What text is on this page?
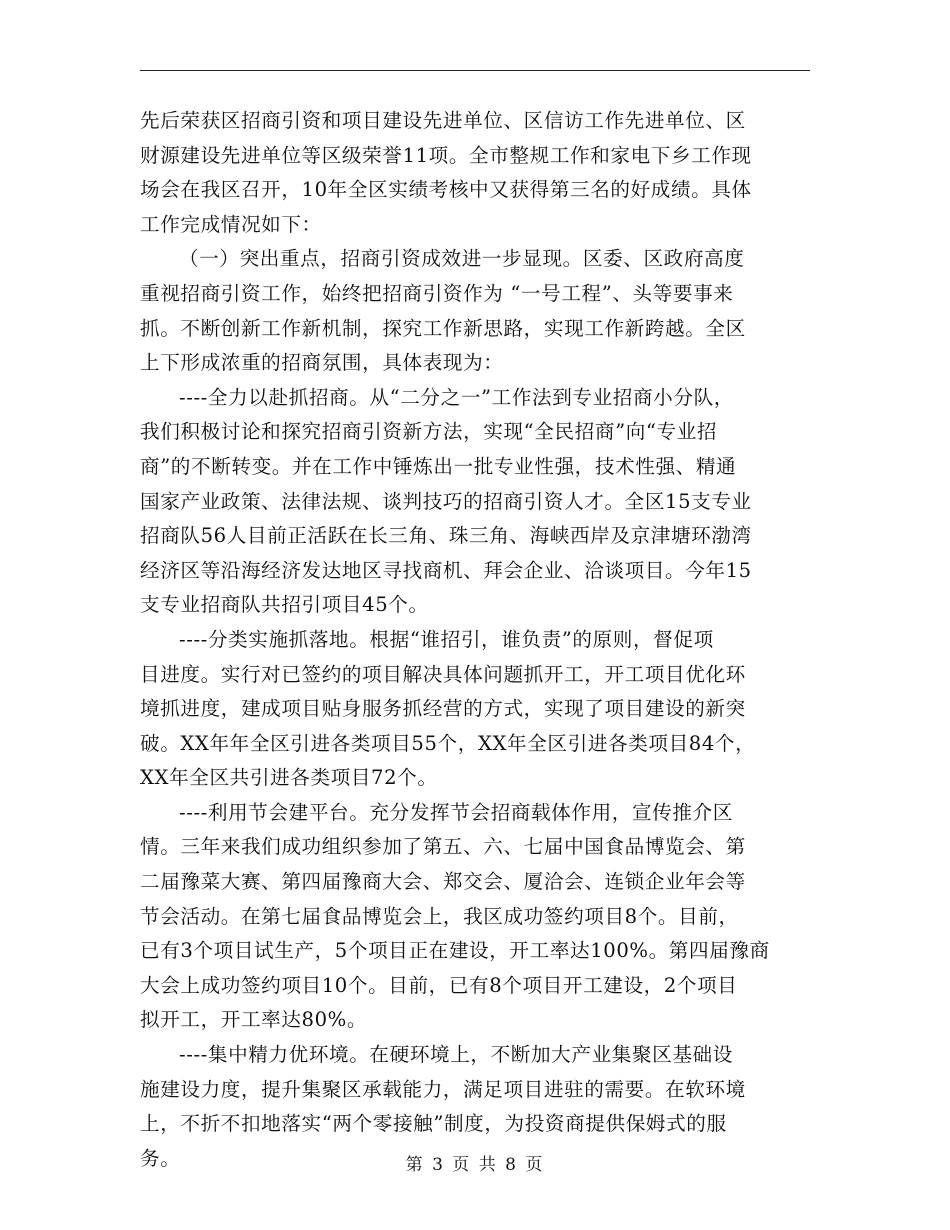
先后荣获区招商引资和项目建设先进单位、区信访工作先进单位、区
财源建设先进单位等区级荣誉11项。全市整规工作和家电下乡工作现
场会在我区召开，10年全区实绩考核中又获得第三名的好成绩。具体
工作完成情况如下：
（一）突出重点，招商引资成效进一步显现。区委、区政府高度
重视招商引资工作，始终把招商引资作为 “一号工程”、头等要事来
抓。不断创新工作新机制，探究工作新思路，实现工作新跨越。全区
上下形成浓重的招商氛围，具体表现为：
----全力以赴抓招商。从“二分之一”工作法到专业招商小分队，
我们积极讨论和探究招商引资新方法，实现“全民招商”向“专业招
商”的不断转变。并在工作中锤炼出一批专业性强，技术性强、精通
国家产业政策、法律法规、谈判技巧的招商引资人才。全区15支专业
招商队56人目前正活跃在长三角、珠三角、海峡西岸及京津塘环渤湾
经济区等沿海经济发达地区寻找商机、拜会企业、洽谈项目。今年15
支专业招商队共招引项目45个。
----分类实施抓落地。根据“谁招引，谁负责”的原则，督促项
目进度。实行对已签约的项目解决具体问题抓开工，开工项目优化环
境抓进度，建成项目贴身服务抓经营的方式，实现了项目建设的新突
破。XX年年全区引进各类项目55个，XX年全区引进各类项目84个，
XX年全区共引进各类项目72个。
----利用节会建平台。充分发挥节会招商载体作用，宣传推介区
情。三年来我们成功组织参加了第五、六、七届中国食品博览会、第
二届豫菜大赛、第四届豫商大会、郑交会、厦洽会、连锁企业年会等
节会活动。在第七届食品博览会上，我区成功签约项目8个。目前，
已有3个项目试生产，5个项目正在建设，开工率达100%。第四届豫商
大会上成功签约项目10个。目前，已有8个项目开工建设，2个项目
拟开工，开工率达80%。
----集中精力优环境。在硬环境上，不断加大产业集聚区基础设
施建设力度，提升集聚区承载能力，满足项目进驻的需要。在软环境
上，不折不扣地落实“两个零接触”制度，为投资商提供保姆式的服
务。	第 3 页 共 8 页
